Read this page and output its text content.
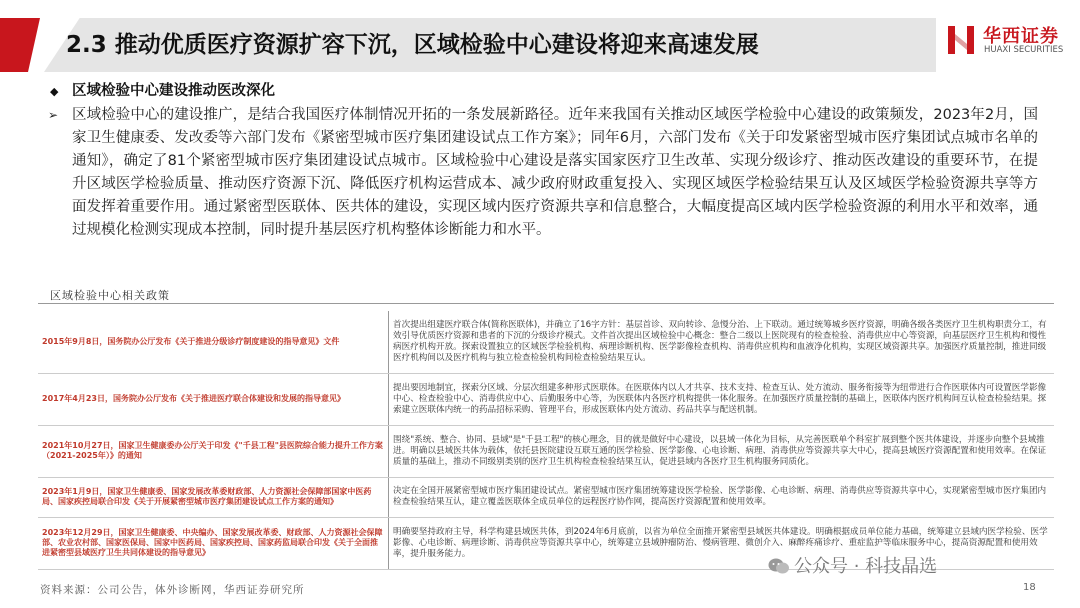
2.3 推动优质医疗资源扩容下沉，区域检验中心建设将迎来高速发展	华西证券
HUAXI SECURITIES
◆ 区域检验中心建设推动医改深化
➢ 区域检验中心的建设推广，是结合我国医疗体制情况开拓的一条发展新路径。近年来我国有关推动区域医学检验中心建设的政策频发，2023年2月，国家卫生健康委、发改委等六部门发布《紧密型城市医疗集团建设试点工作方案》；同年6月，六部门发布《关于印发紧密型城市医疗集团试点城市名单的通知》，确定了81个紧密型城市医疗集团建设试点城市。区域检验中心建设是落实国家医疗卫生改革、实现分级诊疗、推动医改建设的重要环节，在提升区域医学检验质量、推动医疗资源下沉、降低医疗机构运营成本、减少政府财政重复投入、实现区域医学检验结果互认及区域医学检验资源共享等方面发挥着重要作用。通过紧密型医联体、医共体的建设，实现区域内医疗资源共享和信息整合，大幅度提高区域内医学检验资源的利用水平和效率，通过规模化检测实现成本控制，同时提升基层医疗机构整体诊断能力和水平。
区域检验中心相关政策
2015年9月8日，国务院办公厅发布《关于推进分级诊疗制度建设的指导意见》文件	首次提出组建医疗联合体(简称医联体)，并确立了16字方针：基层首诊、双向转诊、急慢分治、上下联动。通过统筹城乡医疗资源，明确各级各类医疗卫生机构职责分工，有效引导优质医疗资源和患者的下沉的分级诊疗模式。文件首次提出区域检验中心概念：整合二级以上医院现有的检查检验、消毒供应中心等资源，向基层医疗卫生机构和慢性病医疗机构开放。探索设置独立的区域医学检验机构、病理诊断机构、医学影像检查机构、消毒供应机构和血液净化机构，实现区域资源共享。加强医疗质量控制，推进同级医疗机构间以及医疗机构与独立检查检验机构间检查检验结果互认。
2017年4月23日，国务院办公厅发布《关于推进医疗联合体建设和发展的指导意见》	提出要因地制宜，探索分区域、分层次组建多种形式医联体。在医联体内以人才共享、技术支持、检查互认、处方流动、服务衔接等为纽带进行合作医联体内可设置医学影像中心、检查检验中心、消毒供应中心、后勤服务中心等，为医联体内各医疗机构提供一体化服务。在加强医疗质量控制的基础上，医联体内医疗机构间互认检查检验结果。探索建立医联体内统一的药品招标采购、管理平台，形成医联体内处方流动、药品共享与配送机制。
2021年10月27日，国家卫生健康委办公厅关于印发《"千县工程"县医院综合能力提升工作方案（2021-2025年）》的通知	围绕"系统、整合、协同、县域"是"千县工程"的核心理念，目的就是做好中心建设，以县域一体化为目标，从完善医联单个科室扩展到整个医共体建设，并逐步向整个县域推进。明确以县域医共体为载体，依托县医院建设互联互通的医学检验、医学影像、心电诊断、病理、消毒供应等资源共享大中心，提高县域医疗资源配置和使用效率。在保证质量的基础上，推动不同级别类别的医疗卫生机构检查检验结果互认，促进县域内各医疗卫生机构服务同质化。
2023年1月9日，国家卫生健康委、国家发展改革委财政部、人力资源社会保障部国家中医药局、国家疾控局联合印发《关于开展紧密型城市医疗集团建设试点工作方案的通知》	决定在全国开展紧密型城市医疗集团建设试点。紧密型城市医疗集团统筹建设医学检验、医学影像、心电诊断、病理、消毒供应等资源共享中心，实现紧密型城市医疗集团内检查检验结果互认，建立覆盖医联体全成员单位的远程医疗协作网，提高医疗资源配置和使用效率。
2023年12月29日，国家卫生健康委、中央编办、国家发展改革委、财政部、人力资源社会保障部、农业农村部、国家医保局、国家中医药局、国家疾控局、国家药监局联合印发《关于全面推进紧密型县域医疗卫生共同体建设的指导意见》	明确要坚持政府主导，科学构建县域医共体，到2024年6月底前，以省为单位全面推开紧密型县域医共体建设。明确根据成员单位能力基础，统筹建立县域内医学检验、医学影像、心电诊断、病理诊断、消毒供应等资源共享中心，统筹建立县域肿瘤防治、慢病管理、微创介入、麻醉疼痛诊疗、重症监护等临床服务中心，提高资源配置和使用效率，提升服务能力。
公众号 · 科技晶选
资料来源：公司公告，体外诊断网，华西证券研究所	18
